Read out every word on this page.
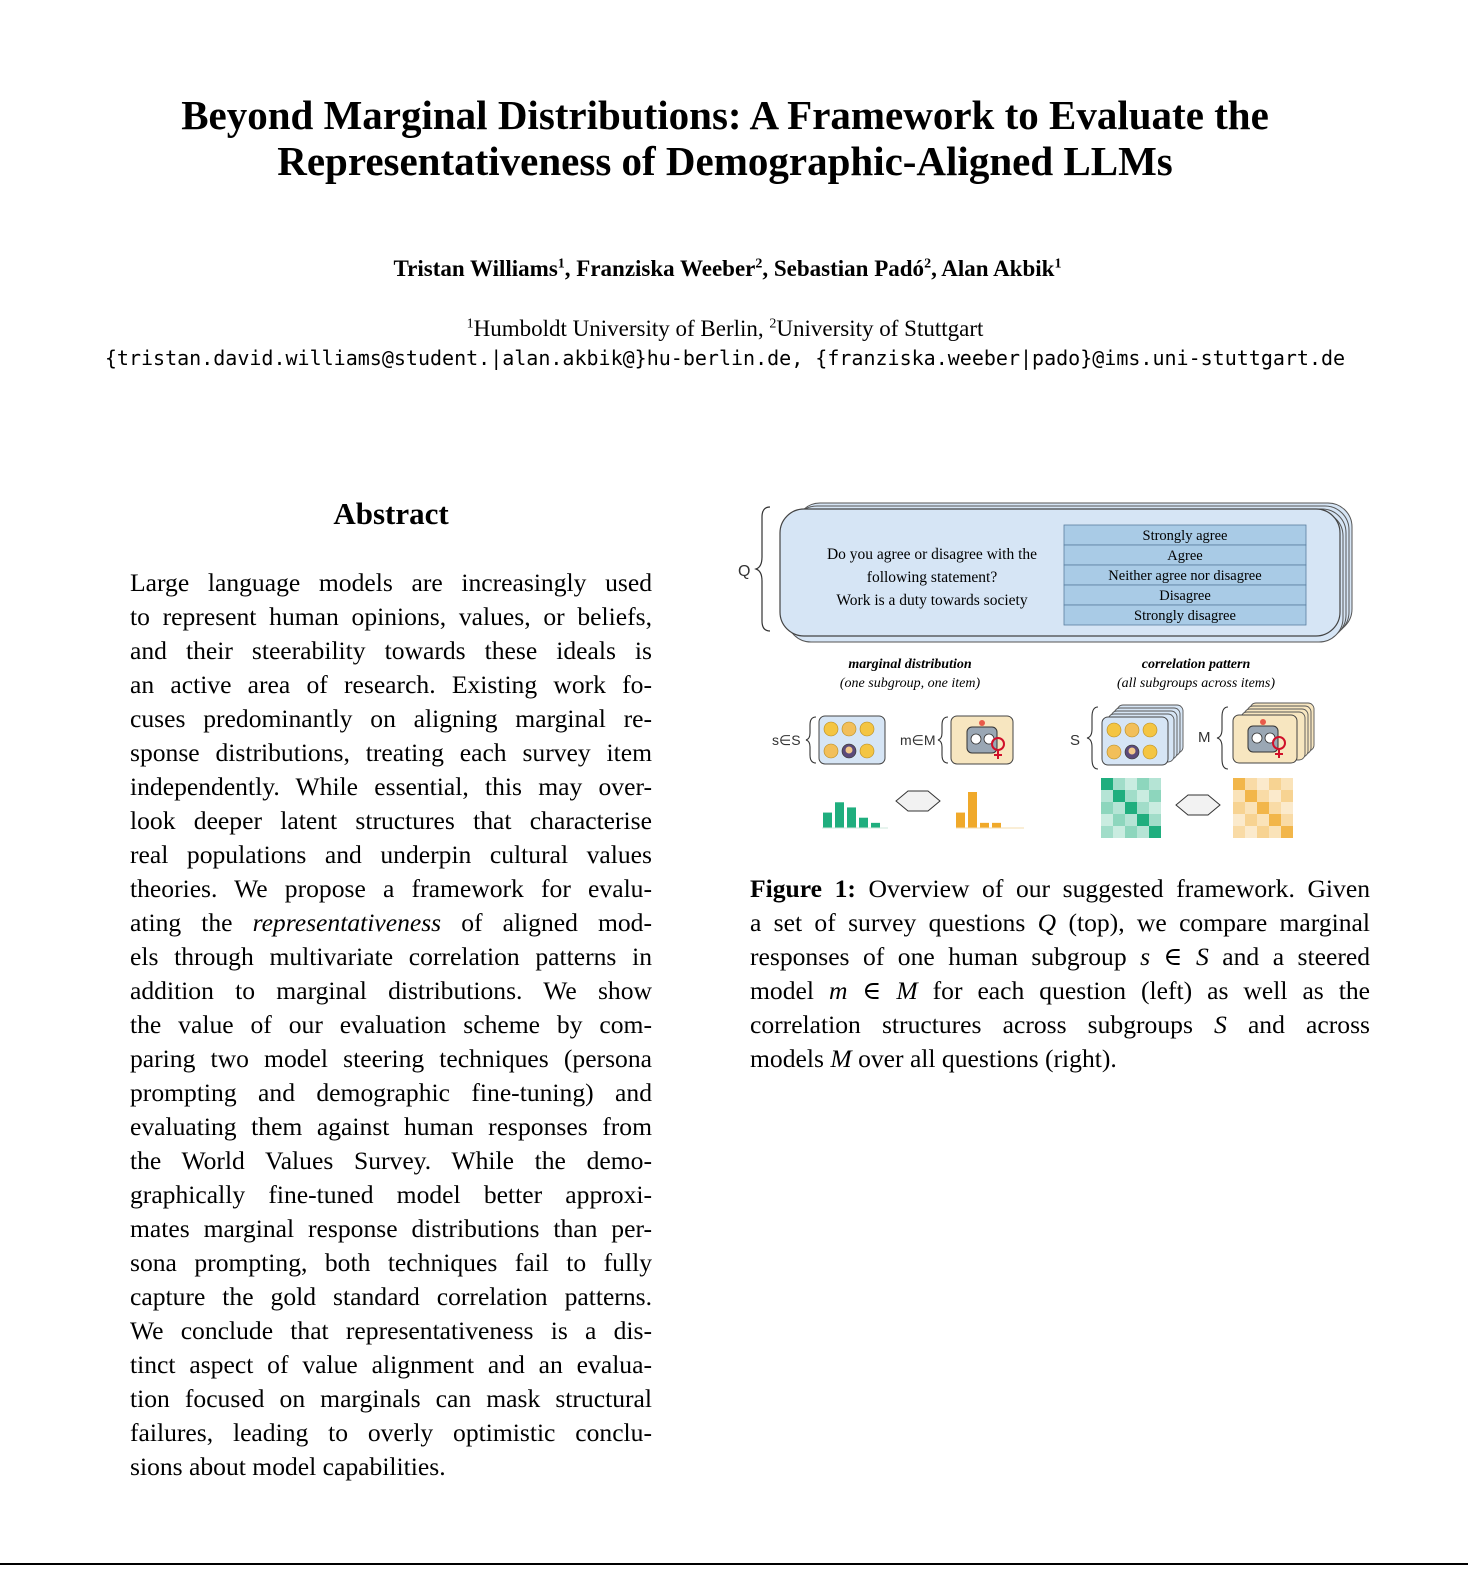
Beyond Marginal Distributions: A Framework to Evaluate the
Representativeness of Demographic-Aligned LLMs
Tristan Williams$^1$, Franziska Weeber$^2$, Sebastian Padó$^2$, Alan Akbik$^1$
$^1$Humboldt University of Berlin, $^2$University of Stuttgart
{tristan.david.williams@student.|alan.akbik@}hu-berlin.de, {franziska.weeber|pado}@ims.uni-stuttgart.de
Abstract
Large language models are increasingly used
to represent human opinions, values, or beliefs,
and their steerability towards these ideals is
an active area of research. Existing work fo-
cuses predominantly on aligning marginal re-
sponse distributions, treating each survey item
independently. While essential, this may over-
look deeper latent structures that characterise
real populations and underpin cultural values
theories. We propose a framework for evalu-
ating the representativeness of aligned mod-
els through multivariate correlation patterns in
addition to marginal distributions. We show
the value of our evaluation scheme by com-
paring two model steering techniques (persona
prompting and demographic fine-tuning) and
evaluating them against human responses from
the World Values Survey. While the demo-
graphically fine-tuned model better approxi-
mates marginal response distributions than per-
sona prompting, both techniques fail to fully
capture the gold standard correlation patterns.
We conclude that representativeness is a dis-
tinct aspect of value alignment and an evalua-
tion focused on marginals can mask structural
failures, leading to overly optimistic conclu-
sions about model capabilities.
Q
Do you agree or disagree with the
following statement?
Work is a duty towards society
Strongly agree
Agree
Neither agree nor disagree
Disagree
Strongly disagree
marginal distribution
(one subgroup, one item)
correlation pattern
(all subgroups across items)
s∈S	m∈M	S	M
Figure 1: Overview of our suggested framework. Given
a set of survey questions Q (top), we compare marginal
responses of one human subgroup s ∈ S and a steered
model m ∈ M for each question (left) as well as the
correlation structures across subgroups S and across
models M over all questions (right).
